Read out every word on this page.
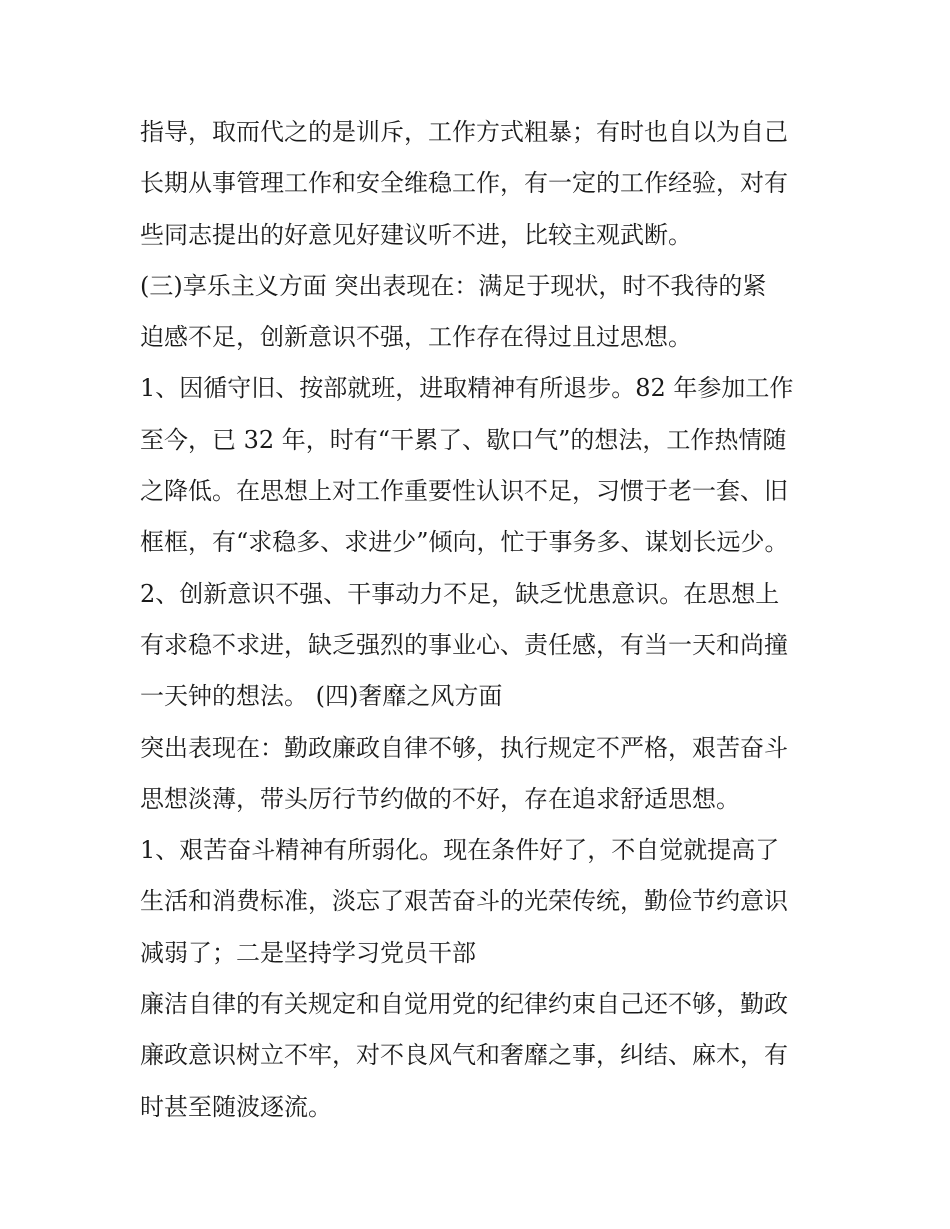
指导，取而代之的是训斥，工作方式粗暴；有时也自以为自己
长期从事管理工作和安全维稳工作，有一定的工作经验，对有
些同志提出的好意见好建议听不进，比较主观武断。
(三)享乐主义方面 突出表现在：满足于现状，时不我待的紧
迫感不足，创新意识不强，工作存在得过且过思想。
1、因循守旧、按部就班，进取精神有所退步。82 年参加工作
至今，已 32 年，时有“干累了、歇口气”的想法，工作热情随
之降低。在思想上对工作重要性认识不足，习惯于老一套、旧
框框，有“求稳多、求进少”倾向，忙于事务多、谋划长远少。
2、创新意识不强、干事动力不足，缺乏忧患意识。在思想上
有求稳不求进，缺乏强烈的事业心、责任感，有当一天和尚撞
一天钟的想法。 (四)奢靡之风方面
突出表现在：勤政廉政自律不够，执行规定不严格，艰苦奋斗
思想淡薄，带头厉行节约做的不好，存在追求舒适思想。
1、艰苦奋斗精神有所弱化。现在条件好了，不自觉就提高了
生活和消费标准，淡忘了艰苦奋斗的光荣传统，勤俭节约意识
减弱了；二是坚持学习党员干部
廉洁自律的有关规定和自觉用党的纪律约束自己还不够，勤政
廉政意识树立不牢，对不良风气和奢靡之事，纠结、麻木，有
时甚至随波逐流。
